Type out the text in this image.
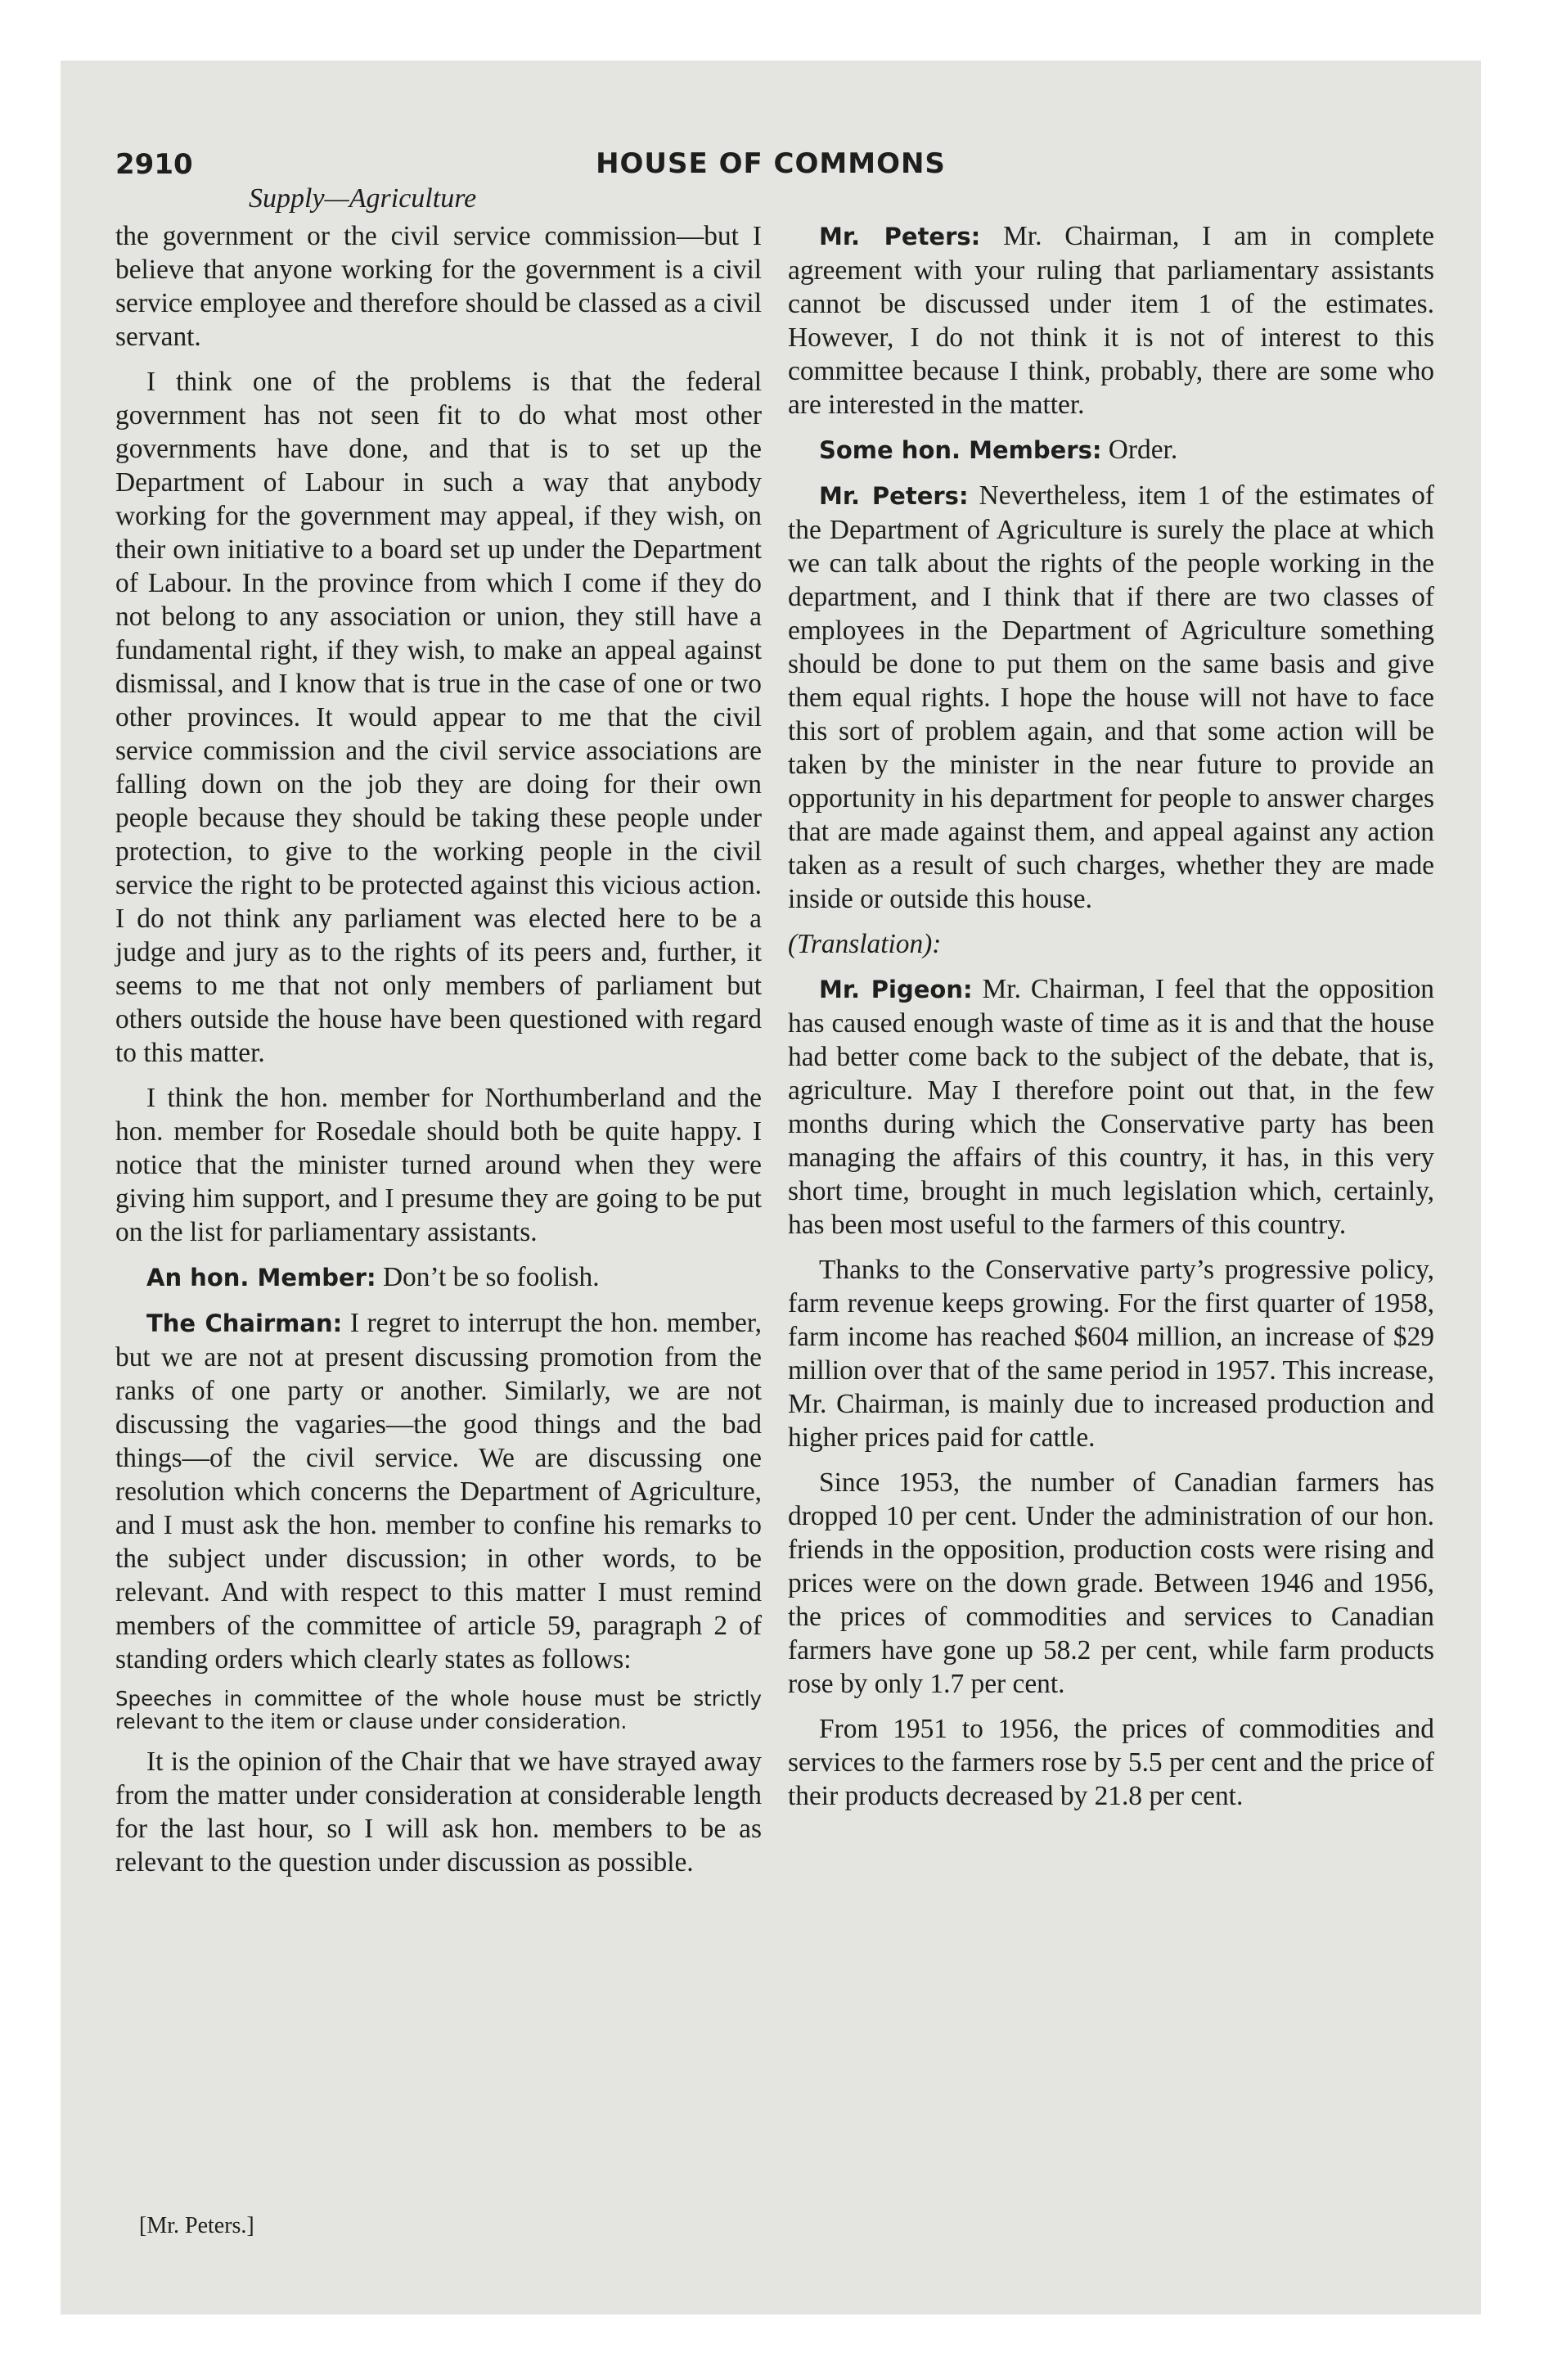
2910	HOUSE OF COMMONS
Supply—Agriculture

the government or the civil service commission—but I believe that anyone working for the government is a civil service employee and therefore should be classed as a civil servant.

I think one of the problems is that the federal government has not seen fit to do what most other governments have done, and that is to set up the Department of Labour in such a way that anybody working for the government may appeal, if they wish, on their own initiative to a board set up under the Department of Labour. In the province from which I come if they do not belong to any association or union, they still have a fundamental right, if they wish, to make an appeal against dismissal, and I know that is true in the case of one or two other provinces. It would appear to me that the civil service commission and the civil service associations are falling down on the job they are doing for their own people because they should be taking these people under protection, to give to the working people in the civil service the right to be protected against this vicious action. I do not think any parliament was elected here to be a judge and jury as to the rights of its peers and, further, it seems to me that not only members of parliament but others outside the house have been questioned with regard to this matter.

I think the hon. member for Northumberland and the hon. member for Rosedale should both be quite happy. I notice that the minister turned around when they were giving him support, and I presume they are going to be put on the list for parliamentary assistants.

An hon. Member: Don’t be so foolish.

The Chairman: I regret to interrupt the hon. member, but we are not at present discussing promotion from the ranks of one party or another. Similarly, we are not discussing the vagaries—the good things and the bad things—of the civil service. We are discussing one resolution which concerns the Department of Agriculture, and I must ask the hon. member to confine his remarks to the subject under discussion; in other words, to be relevant. And with respect to this matter I must remind members of the committee of article 59, paragraph 2 of standing orders which clearly states as follows:

Speeches in committee of the whole house must be strictly relevant to the item or clause under consideration.

It is the opinion of the Chair that we have strayed away from the matter under consideration at considerable length for the last hour, so I will ask hon. members to be as relevant to the question under discussion as possible.

Mr. Peters: Mr. Chairman, I am in complete agreement with your ruling that parliamentary assistants cannot be discussed under item 1 of the estimates. However, I do not think it is not of interest to this committee because I think, probably, there are some who are interested in the matter.

Some hon. Members: Order.

Mr. Peters: Nevertheless, item 1 of the estimates of the Department of Agriculture is surely the place at which we can talk about the rights of the people working in the department, and I think that if there are two classes of employees in the Department of Agriculture something should be done to put them on the same basis and give them equal rights. I hope the house will not have to face this sort of problem again, and that some action will be taken by the minister in the near future to provide an opportunity in his department for people to answer charges that are made against them, and appeal against any action taken as a result of such charges, whether they are made inside or outside this house.

(Translation):

Mr. Pigeon: Mr. Chairman, I feel that the opposition has caused enough waste of time as it is and that the house had better come back to the subject of the debate, that is, agriculture. May I therefore point out that, in the few months during which the Conservative party has been managing the affairs of this country, it has, in this very short time, brought in much legislation which, certainly, has been most useful to the farmers of this country.

Thanks to the Conservative party’s progressive policy, farm revenue keeps growing. For the first quarter of 1958, farm income has reached $604 million, an increase of $29 million over that of the same period in 1957. This increase, Mr. Chairman, is mainly due to increased production and higher prices paid for cattle.

Since 1953, the number of Canadian farmers has dropped 10 per cent. Under the administration of our hon. friends in the opposition, production costs were rising and prices were on the down grade. Between 1946 and 1956, the prices of commodities and services to Canadian farmers have gone up 58.2 per cent, while farm products rose by only 1.7 per cent.

From 1951 to 1956, the prices of commodities and services to the farmers rose by 5.5 per cent and the price of their products decreased by 21.8 per cent.

[Mr. Peters.]
